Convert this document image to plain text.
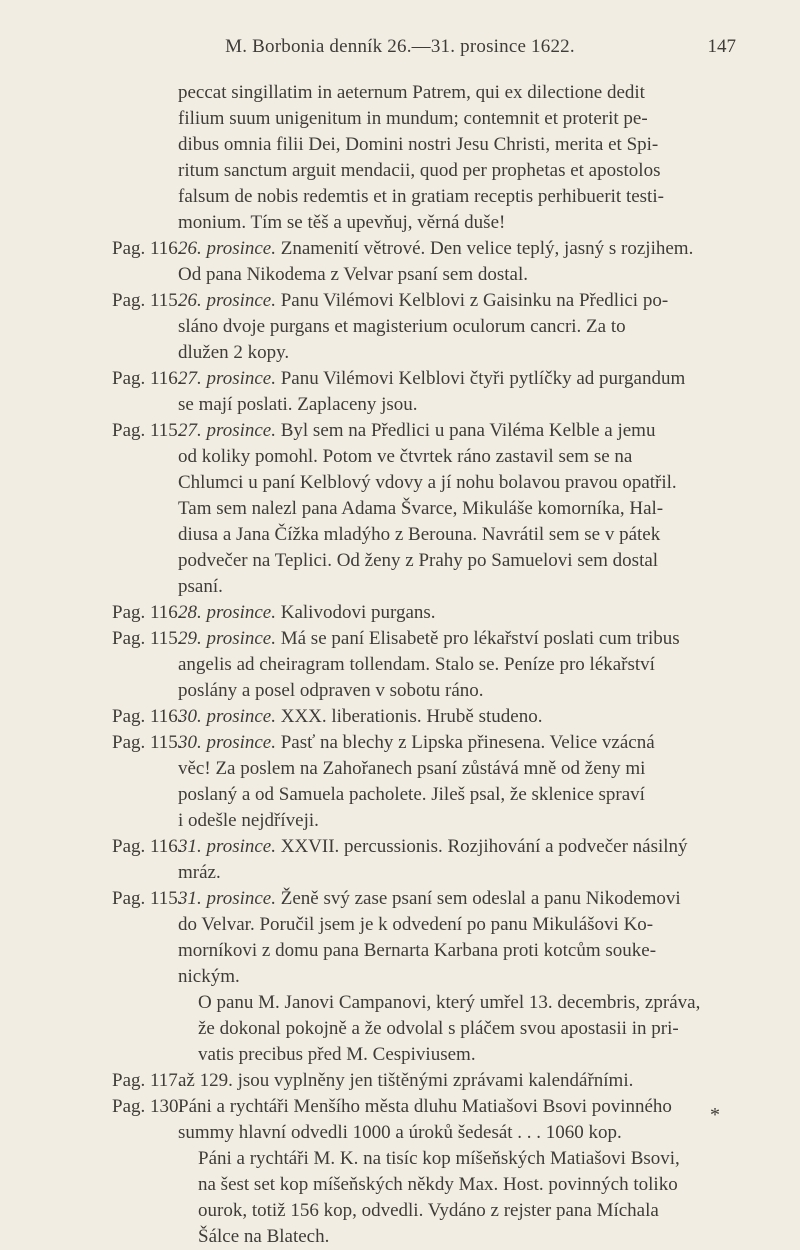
M. Borbonia denník 26.—31. prosince 1622.	147

peccat singillatim in aeternum Patrem, qui ex dilectione dedit
filium suum unigenitum in mundum; contemnit et proterit pe-
dibus omnia filii Dei, Domini nostri Jesu Christi, merita et Spi-
ritum sanctum arguit mendacii, quod per prophetas et apostolos
falsum de nobis redemtis et in gratiam receptis perhibuerit testi-
monium. Tím se těš a upevňuj, věrná duše!

Pag. 116.
26. prosince. Znamenití větrové. Den velice teplý, jasný s rozjihem.
Od pana Nikodema z Velvar psaní sem dostal.
Pag. 115.
26. prosince. Panu Vilémovi Kelblovi z Gaisinku na Předlici po-
sláno dvoje purgans et magisterium oculorum cancri. Za to
dlužen 2 kopy.
Pag. 116.
27. prosince. Panu Vilémovi Kelblovi čtyři pytlíčky ad purgandum
se mají poslati. Zaplaceny jsou.
Pag. 115.
27. prosince. Byl sem na Předlici u pana Viléma Kelble a jemu
od koliky pomohl. Potom ve čtvrtek ráno zastavil sem se na
Chlumci u paní Kelblový vdovy a jí nohu bolavou pravou opatřil.
Tam sem nalezl pana Adama Švarce, Mikuláše komorníka, Hal-
diusa a Jana Čížka mladýho z Berouna. Navrátil sem se v pátek
podvečer na Teplici. Od ženy z Prahy po Samuelovi sem dostal
psaní.
Pag. 116.
28. prosince. Kalivodovi purgans.
Pag. 115.
29. prosince. Má se paní Elisabetě pro lékařství poslati cum tribus
angelis ad cheiragram tollendam. Stalo se. Peníze pro lékařství
poslány a posel odpraven v sobotu ráno.
Pag. 116.
30. prosince. XXX. liberationis. Hrubě studeno.
Pag. 115.
30. prosince. Pasť na blechy z Lipska přinesena. Velice vzácná
věc! Za poslem na Zahořanech psaní zůstává mně od ženy mi
poslaný a od Samuela pacholete. Jileš psal, že sklenice spraví
i odešle nejdříveji.
Pag. 116.
31. prosince. XXVII. percussionis. Rozjihování a podvečer násilný
mráz.
Pag. 115.
31. prosince. Ženě svý zase psaní sem odeslal a panu Nikodemovi
do Velvar. Poručil jsem je k odvedení po panu Mikulášovi Ko-
morníkovi z domu pana Bernarta Karbana proti kotcům souke-
nickým.

O panu M. Janovi Campanovi, který umřel 13. decembris, zpráva,
že dokonal pokojně a že odvolal s pláčem svou apostasii in pri-
vatis precibus před M. Cespiviusem.

Pag. 117.
až 129. jsou vyplněny jen tištěnými zprávami kalendářními.
Pag. 130.
Páni a rychtáři Menšího města dluhu Matiašovi Bsovi povinného
summy hlavní odvedli 1000 a úroků šedesát . . . 1060 kop.

Páni a rychtáři M. K. na tisíc kop míšeňských Matiašovi Bsovi,
na šest set kop míšeňských někdy Max. Host. povinných toliko
ourok, totiž 156 kop, odvedli. Vydáno z rejster pana Míchala
Šálce na Blatech.

*
